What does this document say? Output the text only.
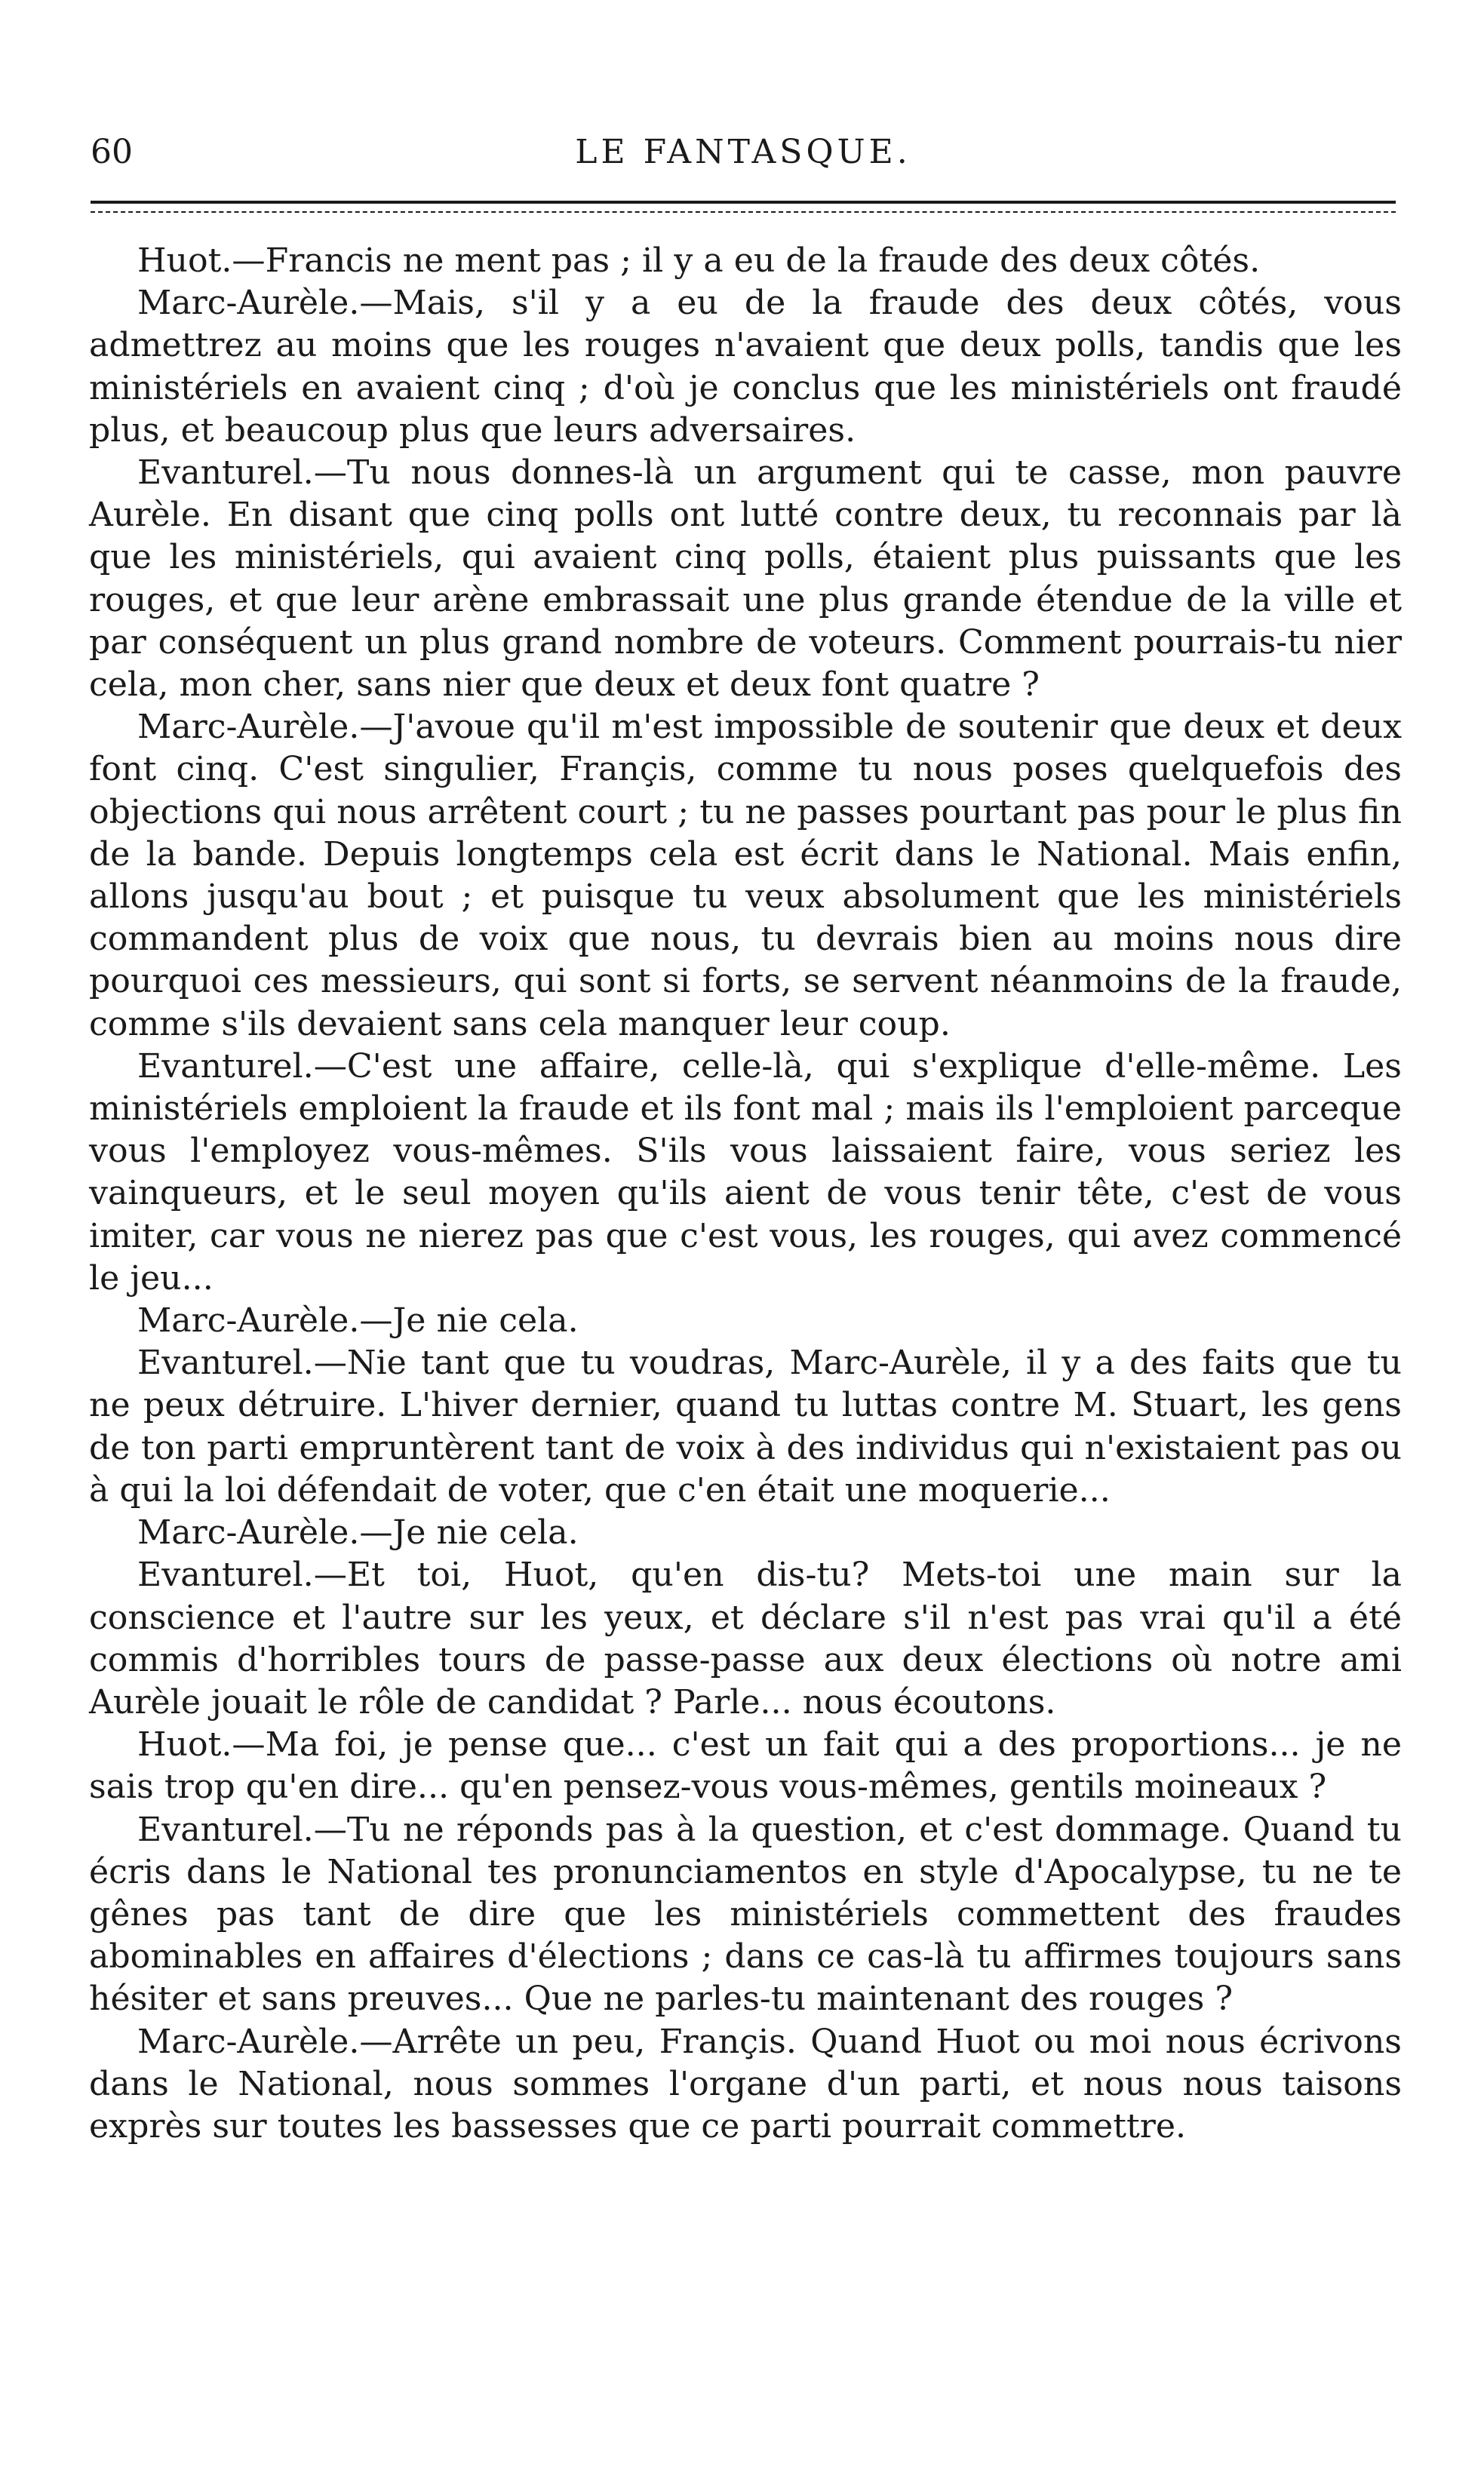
60	LE FANTASQUE.

Huot.—Francis ne ment pas ; il y a eu de la fraude des deux côtés.

Marc-Aurèle.—Mais, s'il y a eu de la fraude des deux côtés, vous admettrez au moins que les rouges n'avaient que deux polls, tandis que les ministériels en avaient cinq ; d'où je conclus que les ministériels ont fraudé plus, et beaucoup plus que leurs adversaires.

Evanturel.—Tu nous donnes-là un argument qui te casse, mon pauvre Aurèle. En disant que cinq polls ont lutté contre deux, tu reconnais par là que les ministériels, qui avaient cinq polls, étaient plus puissants que les rouges, et que leur arène embrassait une plus grande étendue de la ville et par conséquent un plus grand nombre de voteurs. Comment pourrais-tu nier cela, mon cher, sans nier que deux et deux font quatre ?

Marc-Aurèle.—J'avoue qu'il m'est impossible de soutenir que deux et deux font cinq. C'est singulier, Françis, comme tu nous poses quelquefois des objections qui nous arrêtent court ; tu ne passes pourtant pas pour le plus fin de la bande. Depuis longtemps cela est écrit dans le National. Mais enfin, allons jusqu'au bout ; et puisque tu veux absolument que les ministériels commandent plus de voix que nous, tu devrais bien au moins nous dire pourquoi ces messieurs, qui sont si forts, se servent néanmoins de la fraude, comme s'ils devaient sans cela manquer leur coup.

Evanturel.—C'est une affaire, celle-là, qui s'explique d'elle-même. Les ministériels emploient la fraude et ils font mal ; mais ils l'emploient parceque vous l'employez vous-mêmes. S'ils vous laissaient faire, vous seriez les vainqueurs, et le seul moyen qu'ils aient de vous tenir tête, c'est de vous imiter, car vous ne nierez pas que c'est vous, les rouges, qui avez commencé le jeu...

Marc-Aurèle.—Je nie cela.

Evanturel.—Nie tant que tu voudras, Marc-Aurèle, il y a des faits que tu ne peux détruire. L'hiver dernier, quand tu luttas contre M. Stuart, les gens de ton parti empruntèrent tant de voix à des individus qui n'existaient pas ou à qui la loi défendait de voter, que c'en était une moquerie...

Marc-Aurèle.—Je nie cela.

Evanturel.—Et toi, Huot, qu'en dis-tu? Mets-toi une main sur la conscience et l'autre sur les yeux, et déclare s'il n'est pas vrai qu'il a été commis d'horribles tours de passe-passe aux deux élections où notre ami Aurèle jouait le rôle de candidat ? Parle... nous écoutons.

Huot.—Ma foi, je pense que... c'est un fait qui a des proportions... je ne sais trop qu'en dire... qu'en pensez-vous vous-mêmes, gentils moineaux ?

Evanturel.—Tu ne réponds pas à la question, et c'est dommage. Quand tu écris dans le National tes pronunciamentos en style d'Apocalypse, tu ne te gênes pas tant de dire que les ministériels commettent des fraudes abominables en affaires d'élections ; dans ce cas-là tu affirmes toujours sans hésiter et sans preuves... Que ne parles-tu maintenant des rouges ?

Marc-Aurèle.—Arrête un peu, Françis. Quand Huot ou moi nous écrivons dans le National, nous sommes l'organe d'un parti, et nous nous taisons exprès sur toutes les bassesses que ce parti pourrait commettre.
